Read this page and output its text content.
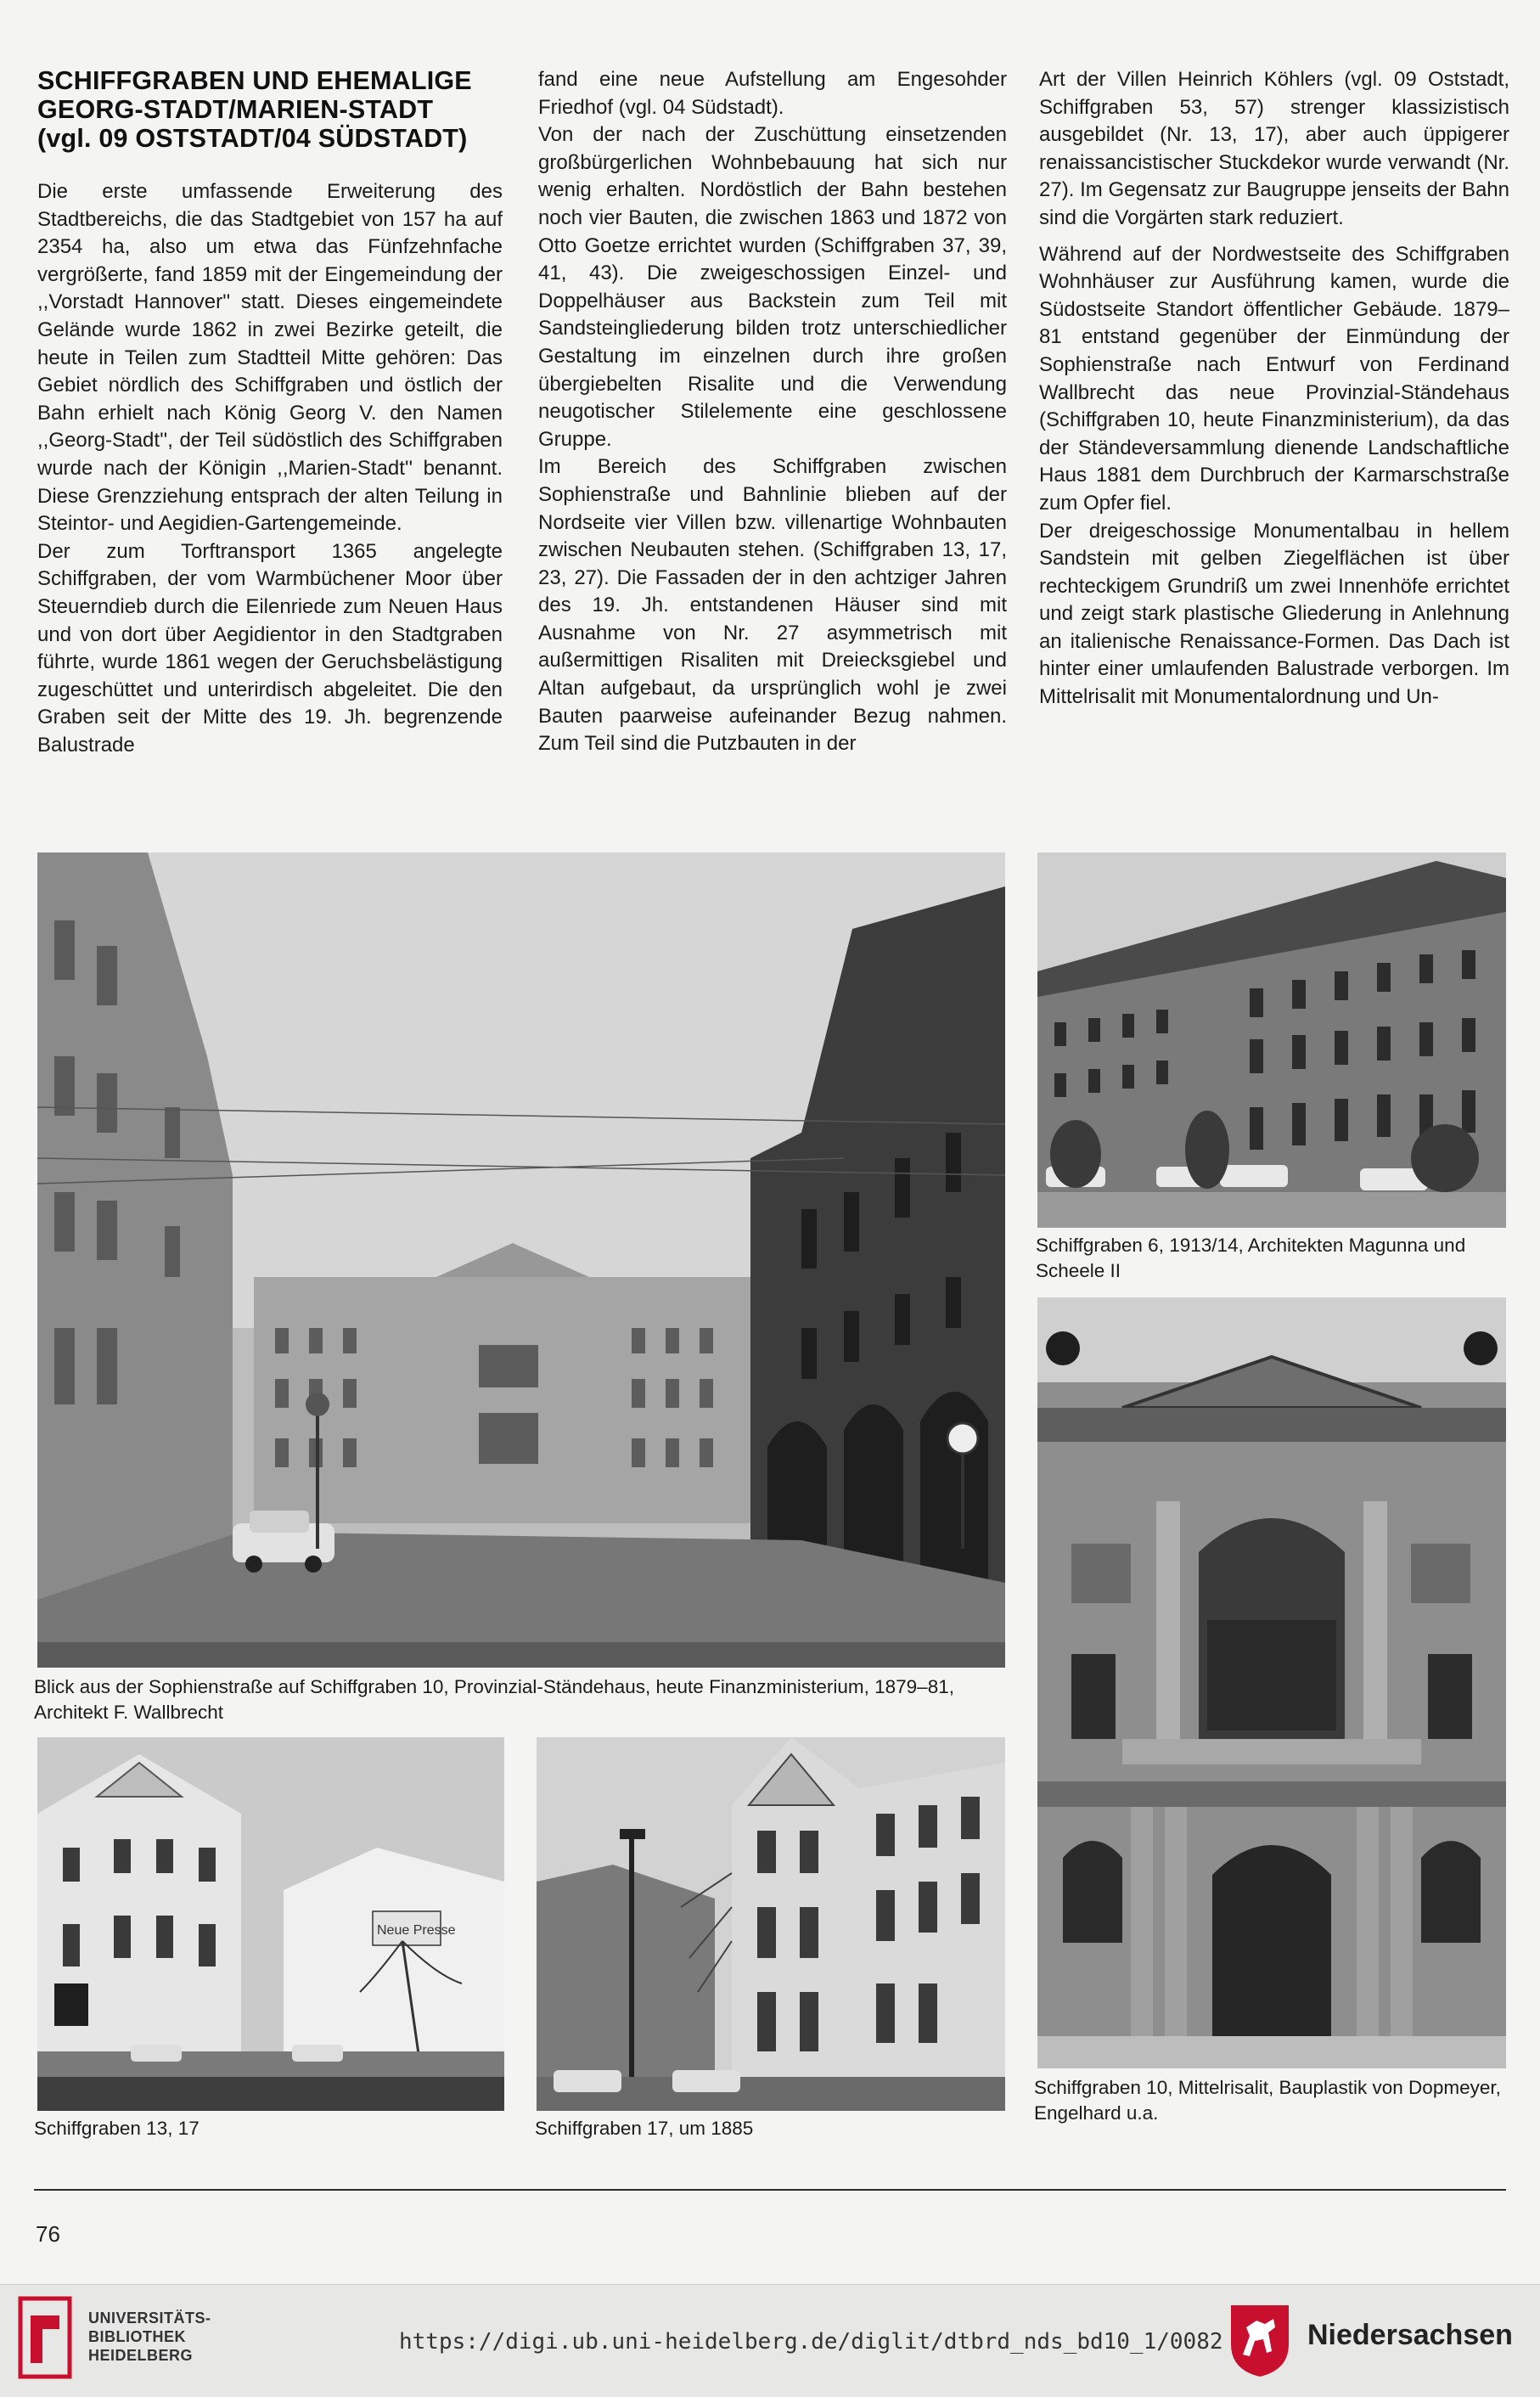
SCHIFFGRABEN UND EHEMALIGE
GEORG-STADT/MARIEN-STADT
(vgl. 09 OSTSTADT/04 SÜDSTADT)

Die erste umfassende Erweiterung des Stadtbereichs, die das Stadtgebiet von 157 ha auf 2354 ha, also um etwa das Fünfzehnfache vergrößerte, fand 1859 mit der Eingemeindung der ,,Vorstadt Hannover'' statt. Dieses eingemeindete Gelände wurde 1862 in zwei Bezirke geteilt, die heute in Teilen zum Stadtteil Mitte gehören: Das Gebiet nördlich des Schiffgraben und östlich der Bahn erhielt nach König Georg V. den Namen ,,Georg-Stadt'', der Teil südöstlich des Schiffgraben wurde nach der Königin ,,Marien-Stadt'' benannt. Diese Grenzziehung entsprach der alten Teilung in Steintor- und Aegidien-Gartengemeinde.

Der zum Torftransport 1365 angelegte Schiffgraben, der vom Warmbüchener Moor über Steuerndieb durch die Eilenriede zum Neuen Haus und von dort über Aegidientor in den Stadtgraben führte, wurde 1861 wegen der Geruchsbelästigung zugeschüttet und unterirdisch abgeleitet. Die den Graben seit der Mitte des 19. Jh. begrenzende Balustrade

fand eine neue Aufstellung am Engesohder Friedhof (vgl. 04 Südstadt).

Von der nach der Zuschüttung einsetzenden großbürgerlichen Wohnbebauung hat sich nur wenig erhalten. Nordöstlich der Bahn bestehen noch vier Bauten, die zwischen 1863 und 1872 von Otto Goetze errichtet wurden (Schiffgraben 37, 39, 41, 43). Die zweigeschossigen Einzel- und Doppelhäuser aus Backstein zum Teil mit Sandsteingliederung bilden trotz unterschiedlicher Gestaltung im einzelnen durch ihre großen übergiebelten Risalite und die Verwendung neugotischer Stilelemente eine geschlossene Gruppe.

Im Bereich des Schiffgraben zwischen Sophienstraße und Bahnlinie blieben auf der Nordseite vier Villen bzw. villenartige Wohnbauten zwischen Neubauten stehen. (Schiffgraben 13, 17, 23, 27). Die Fassaden der in den achtziger Jahren des 19. Jh. entstandenen Häuser sind mit Ausnahme von Nr. 27 asymmetrisch mit außermittigen Risaliten mit Dreiecksgiebel und Altan aufgebaut, da ursprünglich wohl je zwei Bauten paarweise aufeinander Bezug nahmen. Zum Teil sind die Putzbauten in der

Art der Villen Heinrich Köhlers (vgl. 09 Oststadt, Schiffgraben 53, 57) strenger klassizistisch ausgebildet (Nr. 13, 17), aber auch üppigerer renaissancistischer Stuckdekor wurde verwandt (Nr. 27). Im Gegensatz zur Baugruppe jenseits der Bahn sind die Vorgärten stark reduziert.

Während auf der Nordwestseite des Schiffgraben Wohnhäuser zur Ausführung kamen, wurde die Südostseite Standort öffentlicher Gebäude. 1879–81 entstand gegenüber der Einmündung der Sophienstraße nach Entwurf von Ferdinand Wallbrecht das neue Provinzial-Ständehaus (Schiffgraben 10, heute Finanzministerium), da das der Ständeversammlung dienende Landschaftliche Haus 1881 dem Durchbruch der Karmarschstraße zum Opfer fiel.

Der dreigeschossige Monumentalbau in hellem Sandstein mit gelben Ziegelflächen ist über rechteckigem Grundriß um zwei Innenhöfe errichtet und zeigt stark plastische Gliederung in Anlehnung an italienische Renaissance-Formen. Das Dach ist hinter einer umlaufenden Balustrade verborgen. Im Mittelrisalit mit Monumentalordnung und Un-

Blick aus der Sophienstraße auf Schiffgraben 10, Provinzial-Ständehaus, heute Finanzministerium, 1879–81, Architekt F. Wallbrecht
Schiffgraben 6, 1913/14, Architekten Magunna und Scheele II
Schiffgraben 10, Mittelrisalit, Bauplastik von Dopmeyer, Engelhard u.a.
Neue Presse
Schiffgraben 13, 17	Schiffgraben 17, um 1885
76
UNIVERSITÄTS-
BIBLIOTHEK
HEIDELBERG
https://digi.ub.uni-heidelberg.de/diglit/dtbrd_nds_bd10_1/0082	Niedersachsen
